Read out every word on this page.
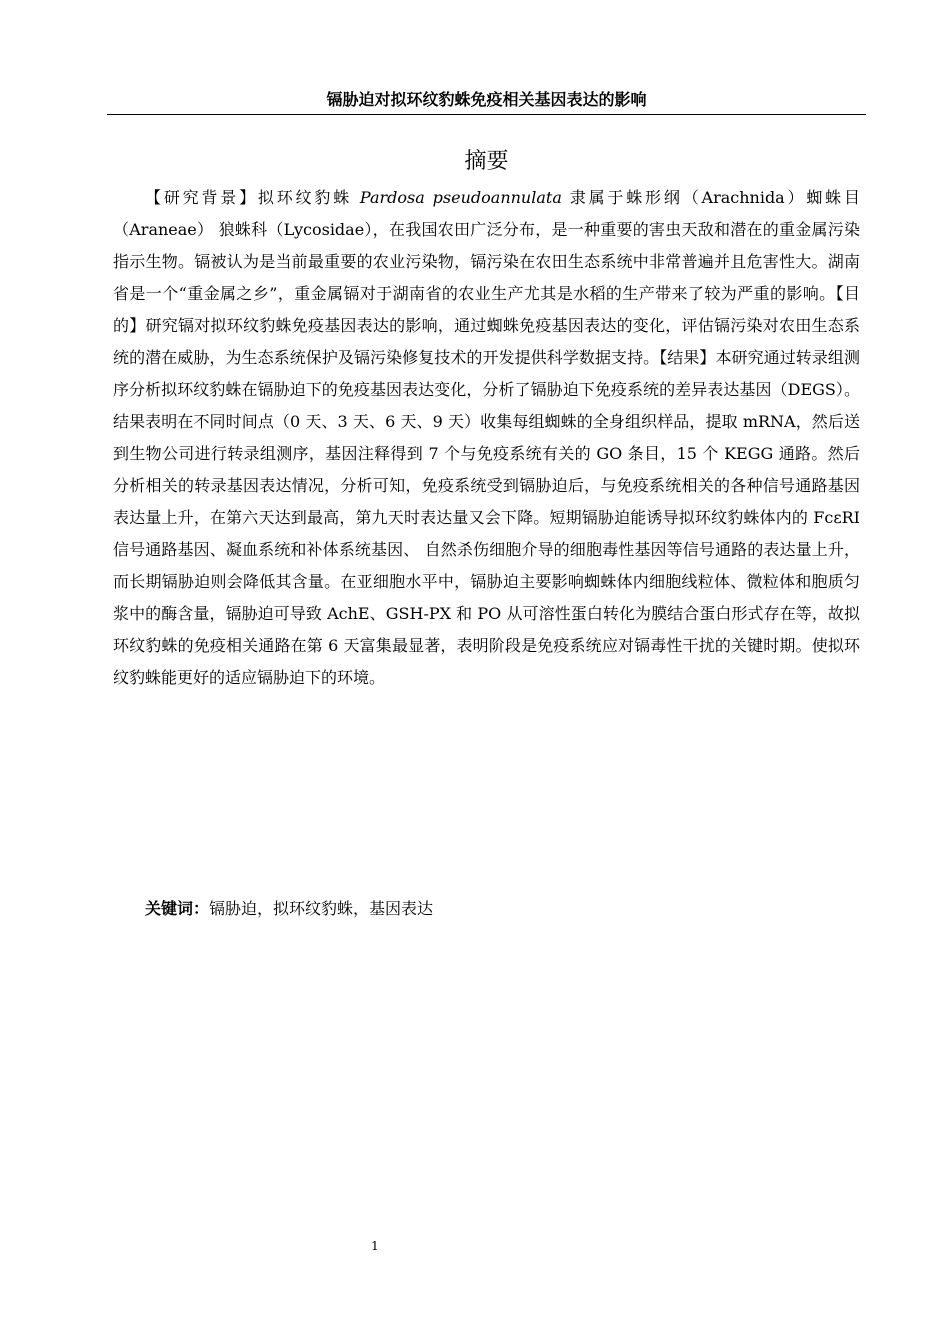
镉胁迫对拟环纹豹蛛免疫相关基因表达的影响
摘要

【研究背景】拟环纹豹蛛 Pardosa pseudoannulata 隶属于蛛形纲（Arachnida）蜘蛛目（Araneae） 狼蛛科（Lycosidae），在我国农田广泛分布，是一种重要的害虫天敌和潜在的重金属污染指示生物。镉被认为是当前最重要的农业污染物，镉污染在农田生态系统中非常普遍并且危害性大。湖南省是一个“重金属之乡”，重金属镉对于湖南省的农业生产尤其是水稻的生产带来了较为严重的影响。【目的】研究镉对拟环纹豹蛛免疫基因表达的影响，通过蜘蛛免疫基因表达的变化，评估镉污染对农田生态系统的潜在威胁，为生态系统保护及镉污染修复技术的开发提供科学数据支持。【结果】本研究通过转录组测序分析拟环纹豹蛛在镉胁迫下的免疫基因表达变化，分析了镉胁迫下免疫系统的差异表达基因（DEGS）。结果表明在不同时间点（0 天、3 天、6 天、9 天）收集每组蜘蛛的全身组织样品，提取 mRNA，然后送到生物公司进行转录组测序，基因注释得到 7 个与免疫系统有关的 GO 条目，15 个 KEGG 通路。然后分析相关的转录基因表达情况，分析可知，免疫系统受到镉胁迫后，与免疫系统相关的各种信号通路基因表达量上升，在第六天达到最高，第九天时表达量又会下降。短期镉胁迫能诱导拟环纹豹蛛体内的 FcεRI 信号通路基因、凝血系统和补体系统基因、 自然杀伤细胞介导的细胞毒性基因等信号通路的表达量上升，而长期镉胁迫则会降低其含量。在亚细胞水平中，镉胁迫主要影响蜘蛛体内细胞线粒体、微粒体和胞质匀浆中的酶含量，镉胁迫可导致 AchE、GSH-PX 和 PO 从可溶性蛋白转化为膜结合蛋白形式存在等，故拟环纹豹蛛的免疫相关通路在第 6 天富集最显著，表明阶段是免疫系统应对镉毒性干扰的关键时期。使拟环纹豹蛛能更好的适应镉胁迫下的环境。

关键词：镉胁迫，拟环纹豹蛛，基因表达

1
